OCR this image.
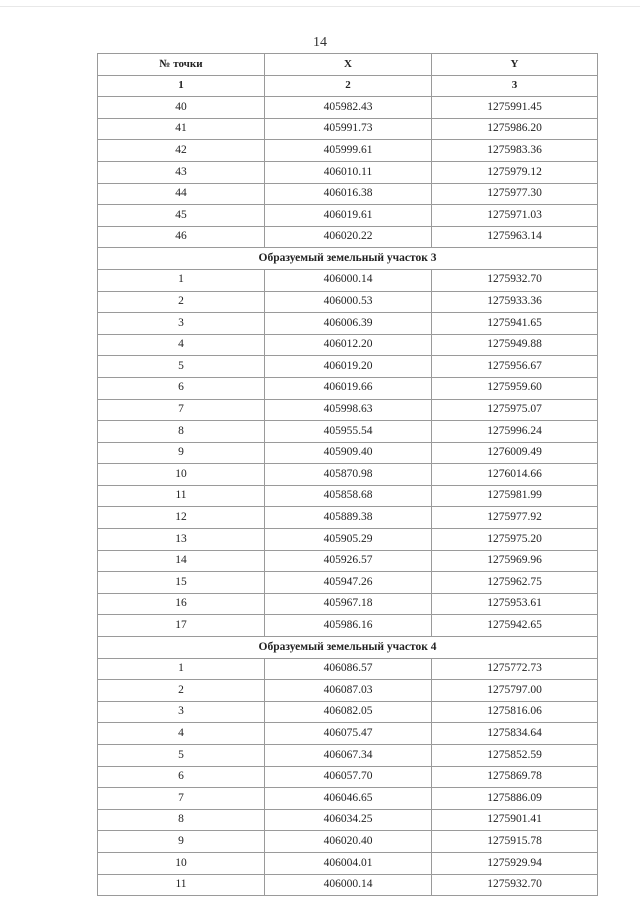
14
№ точки	X	Y
1	2	3
40	405982.43	1275991.45
41	405991.73	1275986.20
42	405999.61	1275983.36
43	406010.11	1275979.12
44	406016.38	1275977.30
45	406019.61	1275971.03
46	406020.22	1275963.14
Образуемый земельный участок 3		
1	406000.14	1275932.70
2	406000.53	1275933.36
3	406006.39	1275941.65
4	406012.20	1275949.88
5	406019.20	1275956.67
6	406019.66	1275959.60
7	405998.63	1275975.07
8	405955.54	1275996.24
9	405909.40	1276009.49
10	405870.98	1276014.66
11	405858.68	1275981.99
12	405889.38	1275977.92
13	405905.29	1275975.20
14	405926.57	1275969.96
15	405947.26	1275962.75
16	405967.18	1275953.61
17	405986.16	1275942.65
Образуемый земельный участок 4		
1	406086.57	1275772.73
2	406087.03	1275797.00
3	406082.05	1275816.06
4	406075.47	1275834.64
5	406067.34	1275852.59
6	406057.70	1275869.78
7	406046.65	1275886.09
8	406034.25	1275901.41
9	406020.40	1275915.78
10	406004.01	1275929.94
11	406000.14	1275932.70
